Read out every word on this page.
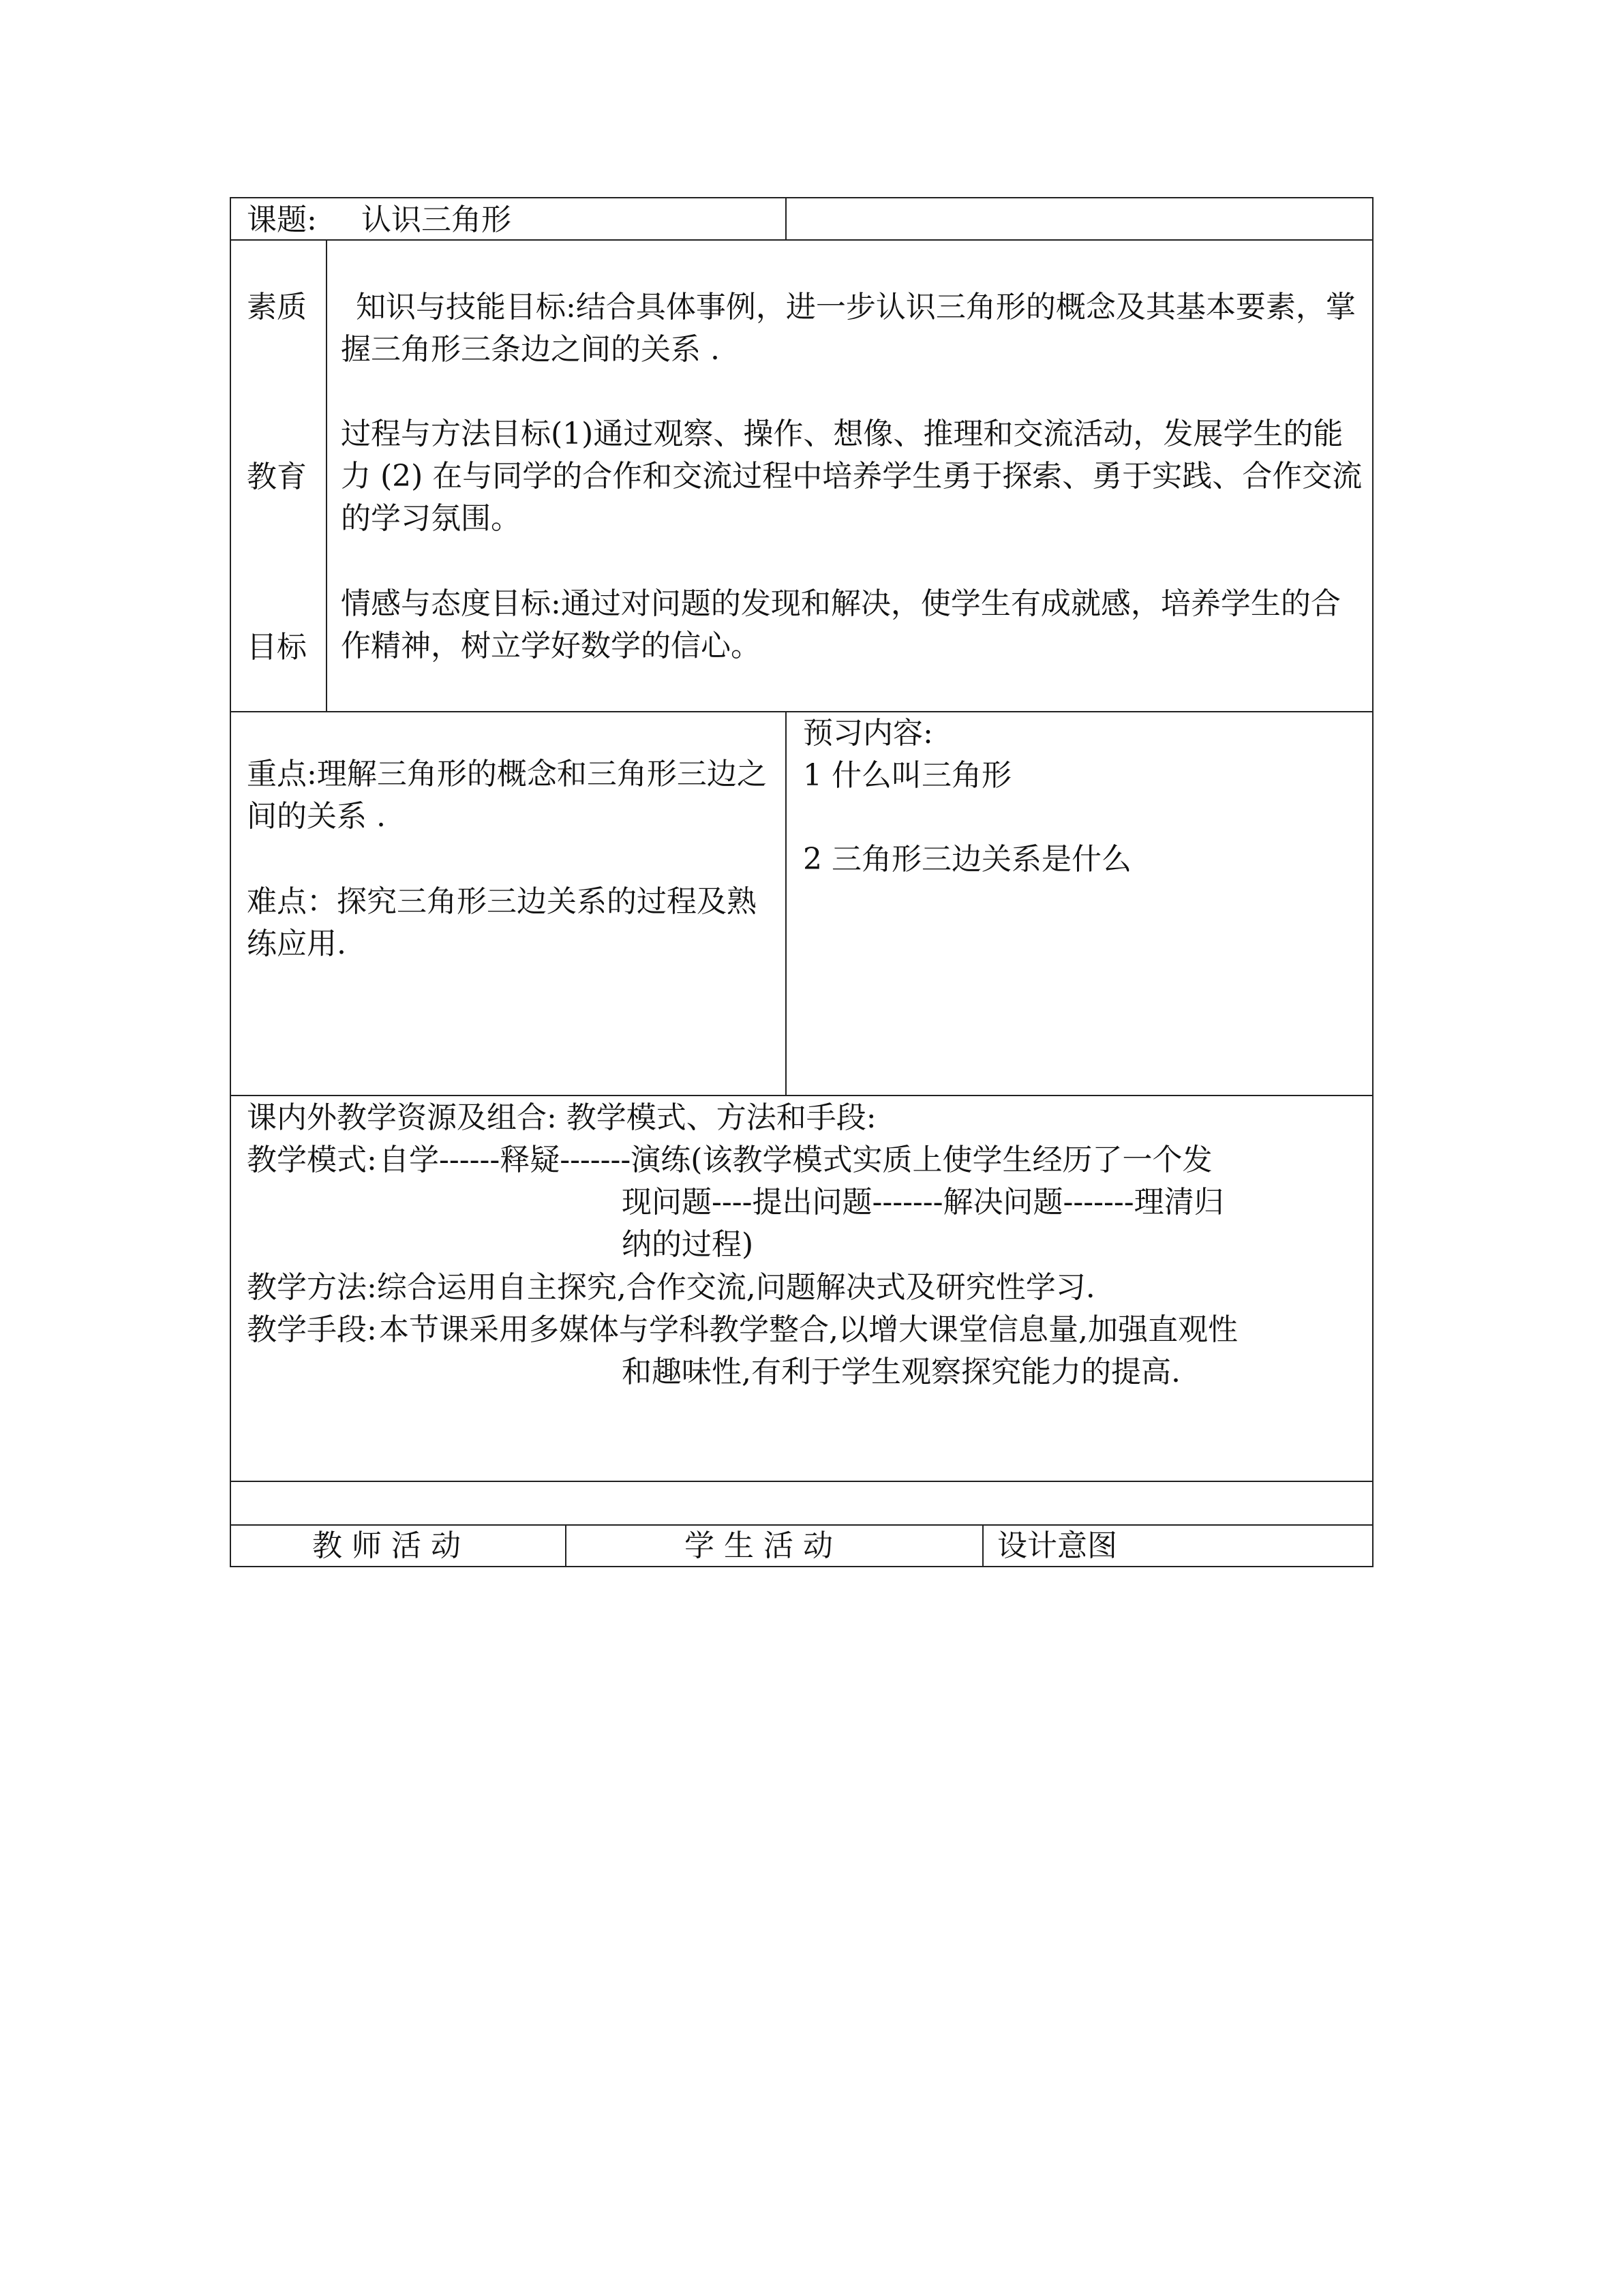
课题: 认识三角形
素质
教育
目标
知识与技能目标:结合具体事例，进一步认识三角形的概念及其基本要素，掌握三角形三条边之间的关系 .
过程与方法目标(1)通过观察、操作、想像、推理和交流活动，发展学生的能力 (2) 在与同学的合作和交流过程中培养学生勇于探索、勇于实践、合作交流的学习氛围。
情感与态度目标:通过对问题的发现和解决，使学生有成就感，培养学生的合作精神，树立学好数学的信心。
重点:理解三角形的概念和三角形三边之间的关系 .
难点：探究三角形三边关系的过程及熟练应用.
预习内容:
1 什么叫三角形
2 三角形三边关系是什么
课内外教学资源及组合: 教学模式、方法和手段:
教学模式: 自学------释疑-------演练(该教学模式实质上使学生经历了一个发
现问题----提出问题-------解决问题-------理清归
纳的过程)
教学方法:综合运用自主探究,合作交流,问题解决式及研究性学习.
教学手段: 本节课采用多媒体与学科教学整合,以增大课堂信息量,加强直观性
和趣味性,有利于学生观察探究能力的提高.
教 师 活 动	学 生 活 动	设计意图
